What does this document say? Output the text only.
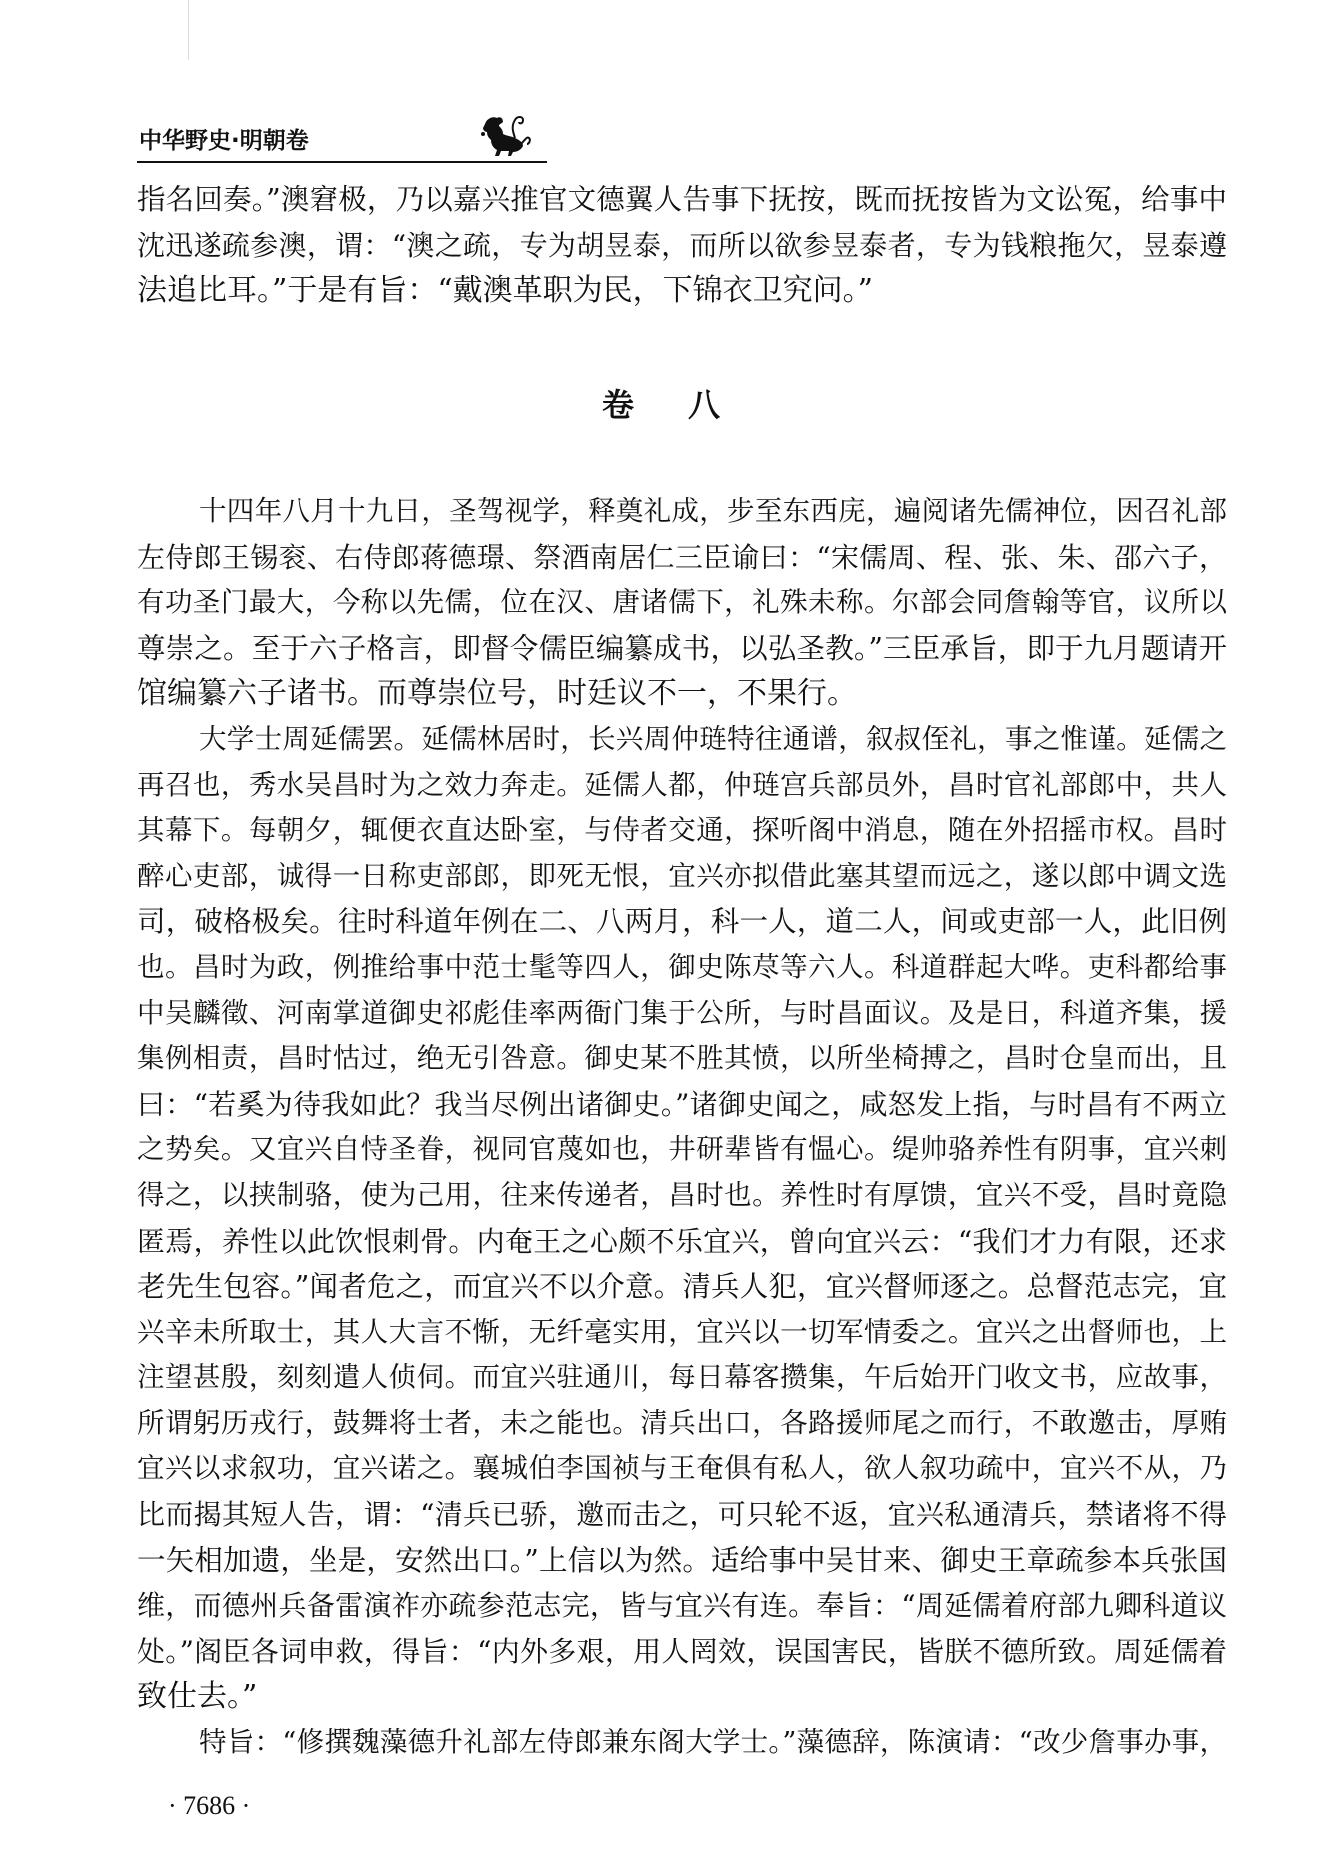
中华野史·明朝卷
指名回奏。”澳窘极，乃以嘉兴推官文德翼人告事下抚按，既而抚按皆为文讼冤，给事中
沈迅遂疏参澳，谓：“澳之疏，专为胡昱泰，而所以欲参昱泰者，专为钱粮拖欠，昱泰遵
法追比耳。”于是有旨：“戴澳革职为民，下锦衣卫究问。”
卷八
十四年八月十九日，圣驾视学，释奠礼成，步至东西庑，遍阅诸先儒神位，因召礼部
左侍郎王锡衮、右侍郎蒋德璟、祭酒南居仁三臣谕曰：“宋儒周、程、张、朱、邵六子，
有功圣门最大，今称以先儒，位在汉、唐诸儒下，礼殊未称。尔部会同詹翰等官，议所以
尊崇之。至于六子格言，即督令儒臣编纂成书，以弘圣教。”三臣承旨，即于九月题请开
馆编纂六子诸书。而尊崇位号，时廷议不一，不果行。
大学士周延儒罢。延儒林居时，长兴周仲琏特往通谱，叙叔侄礼，事之惟谨。延儒之
再召也，秀水吴昌时为之效力奔走。延儒人都，仲琏宫兵部员外，昌时官礼部郎中，共人
其幕下。每朝夕，辄便衣直达卧室，与侍者交通，探听阁中消息，随在外招摇市权。昌时
醉心吏部，诚得一日称吏部郎，即死无恨，宜兴亦拟借此塞其望而远之，遂以郎中调文选
司，破格极矣。往时科道年例在二、八两月，科一人，道二人，间或吏部一人，此旧例
也。昌时为政，例推给事中范士髦等四人，御史陈荩等六人。科道群起大哗。吏科都给事
中吴麟徵、河南掌道御史祁彪佳率两衙门集于公所，与时昌面议。及是日，科道齐集，援
集例相责，昌时怙过，绝无引咎意。御史某不胜其愤，以所坐椅搏之，昌时仓皇而出，且
曰：“若奚为待我如此？我当尽例出诸御史。”诸御史闻之，咸怒发上指，与时昌有不两立
之势矣。又宜兴自恃圣眷，视同官蔑如也，井研辈皆有愠心。缇帅骆养性有阴事，宜兴刺
得之，以挟制骆，使为己用，往来传递者，昌时也。养性时有厚馈，宜兴不受，昌时竟隐
匿焉，养性以此饮恨刺骨。内奄王之心颇不乐宜兴，曾向宜兴云：“我们才力有限，还求
老先生包容。”闻者危之，而宜兴不以介意。清兵人犯，宜兴督师逐之。总督范志完，宜
兴辛未所取士，其人大言不惭，无纤毫实用，宜兴以一切军情委之。宜兴之出督师也，上
注望甚殷，刻刻遣人侦伺。而宜兴驻通川，每日幕客攒集，午后始开门收文书，应故事，
所谓躬历戎行，鼓舞将士者，未之能也。清兵出口，各路援师尾之而行，不敢邀击，厚贿
宜兴以求叙功，宜兴诺之。襄城伯李国祯与王奄俱有私人，欲人叙功疏中，宜兴不从，乃
比而揭其短人告，谓：“清兵已骄，邀而击之，可只轮不返，宜兴私通清兵，禁诸将不得
一矢相加遗，坐是，安然出口。”上信以为然。适给事中吴甘来、御史王章疏参本兵张国
维，而德州兵备雷演祚亦疏参范志完，皆与宜兴有连。奉旨：“周延儒着府部九卿科道议
处。”阁臣各词申救，得旨：“内外多艰，用人罔效，误国害民，皆朕不德所致。周延儒着
致仕去。”
特旨：“修撰魏藻德升礼部左侍郎兼东阁大学士。”藻德辞，陈演请：“改少詹事办事，
· 7686 ·
